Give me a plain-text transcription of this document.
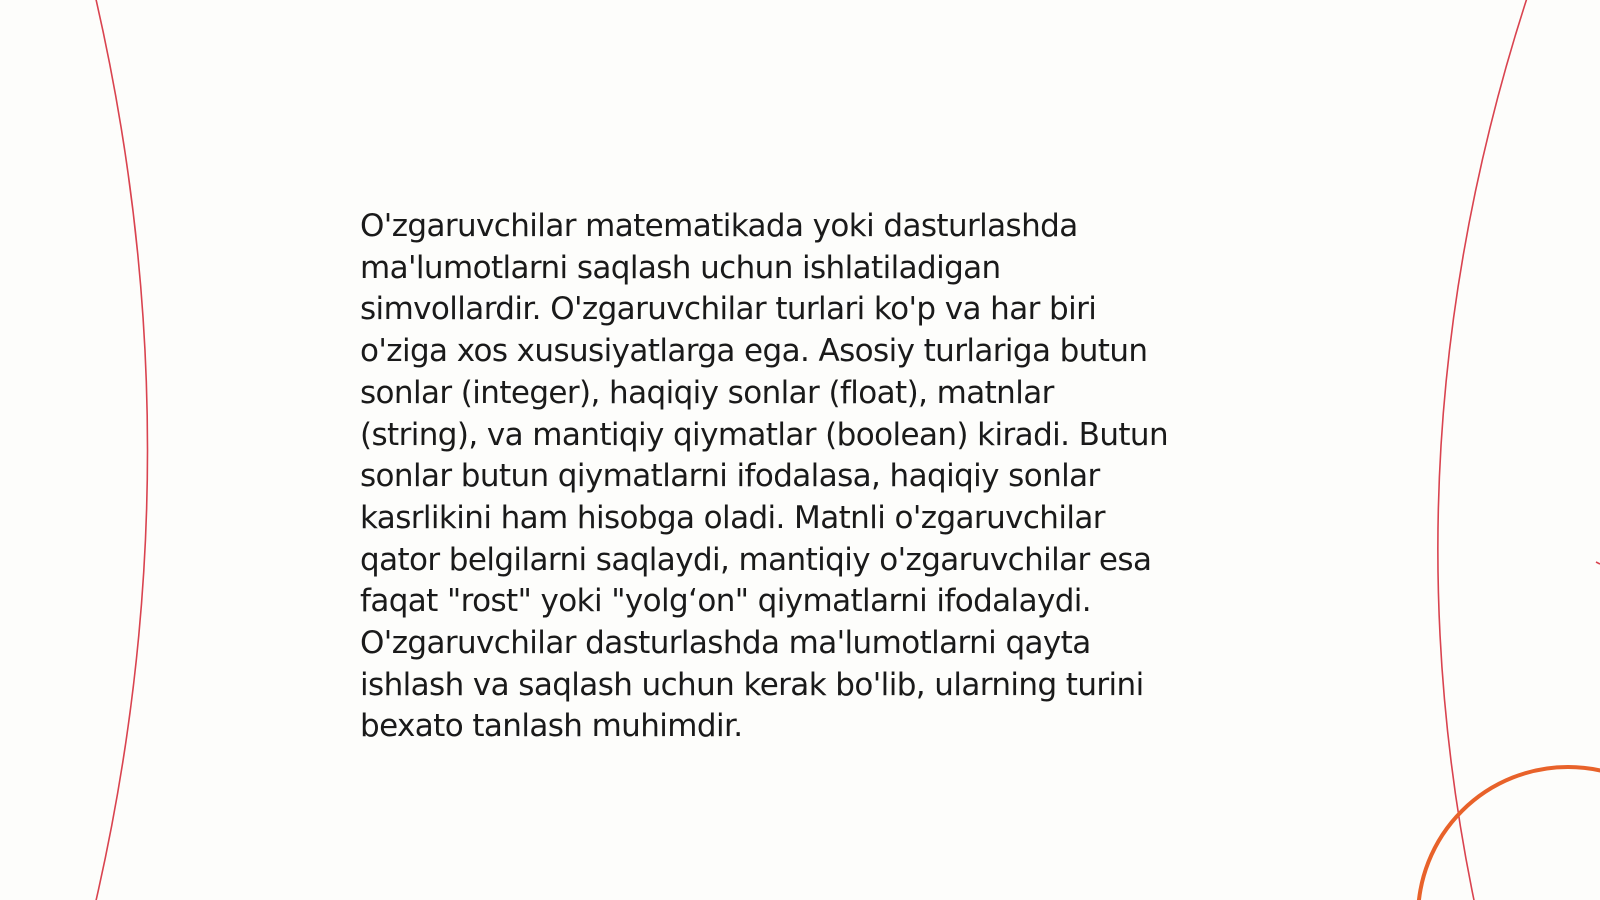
O'zgaruvchilar matematikada yoki dasturlashda
ma'lumotlarni saqlash uchun ishlatiladigan
simvollardir. O'zgaruvchilar turlari ko'p va har biri
o'ziga xos xususiyatlarga ega. Asosiy turlariga butun
sonlar (integer), haqiqiy sonlar (float), matnlar
(string), va mantiqiy qiymatlar (boolean) kiradi. Butun
sonlar butun qiymatlarni ifodalasa, haqiqiy sonlar
kasrlikini ham hisobga oladi. Matnli o'zgaruvchilar
qator belgilarni saqlaydi, mantiqiy o'zgaruvchilar esa
faqat "rost" yoki "yolg‘on" qiymatlarni ifodalaydi.
O'zgaruvchilar dasturlashda ma'lumotlarni qayta
ishlash va saqlash uchun kerak bo'lib, ularning turini
bexato tanlash muhimdir.
